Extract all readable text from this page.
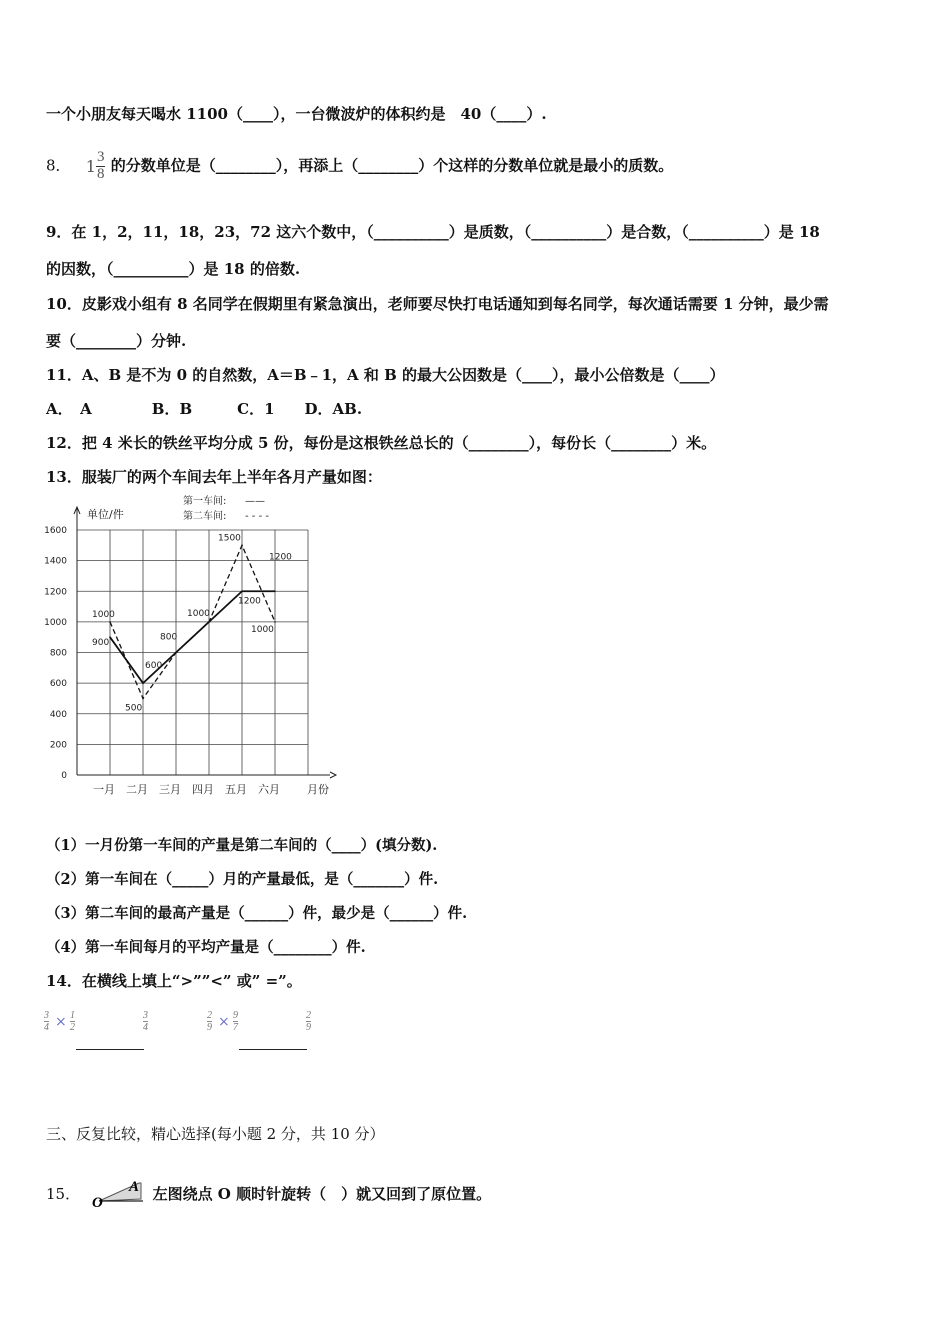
一个小朋友每天喝水 1100（____），一台微波炉的体积约是　40（____）.
8． $1 \frac{3}{8}$ 的分数单位是（________），再添上（________）个这样的分数单位就是最小的质数。
9．在 1，2，11，18，23，72 这六个数中，（__________）是质数，（__________）是合数，（__________）是 18
的因数，（__________）是 18 的倍数.
10．皮影戏小组有 8 名同学在假期里有紧急演出，老师要尽快打电话通知到每名同学，每次通话需要 1 分钟，最少需
要（________）分钟.
11．A、B 是不为 0 的自然数，A＝B﹣1，A 和 B 的最大公因数是（____），最小公倍数是（____）
A．　A　　　　B．B　　　C．1　　D．AB.
12．把 4 米长的铁丝平均分成 5 份，每份是这根铁丝总长的（________），每份长（________）米。
13．服装厂的两个车间去年上半年各月产量如图：
0
200
400
600
800
1000
1200
1400
1600
单位/件
月份
一月 二月 三月 四月 五月 六月
1000
900
600
500
800
1000
1500
1200
1200
1000
第一车间: ——
第二车间: - - - -
（1）一月份第一车间的产量是第二车间的（____）(填分数).
（2）第一车间在（_____）月的产量最低，是（_______）件.
（3）第二车间的最高产量是（______）件，最少是（______）件.
（4）第一车间每月的平均产量是（________）件.
14．在横线上填上“>””<” 或” =”。
$\frac{3}{4} \times \frac{1}{2}$	$\frac{3}{4}$	$\frac{2}{9} \times \frac{9}{7}$	$\frac{2}{9}$
三、反复比较，精心选择(每小题 2 分，共 10 分）
15． O
A 左图绕点 O 顺时针旋转（　）就又回到了原位置。
